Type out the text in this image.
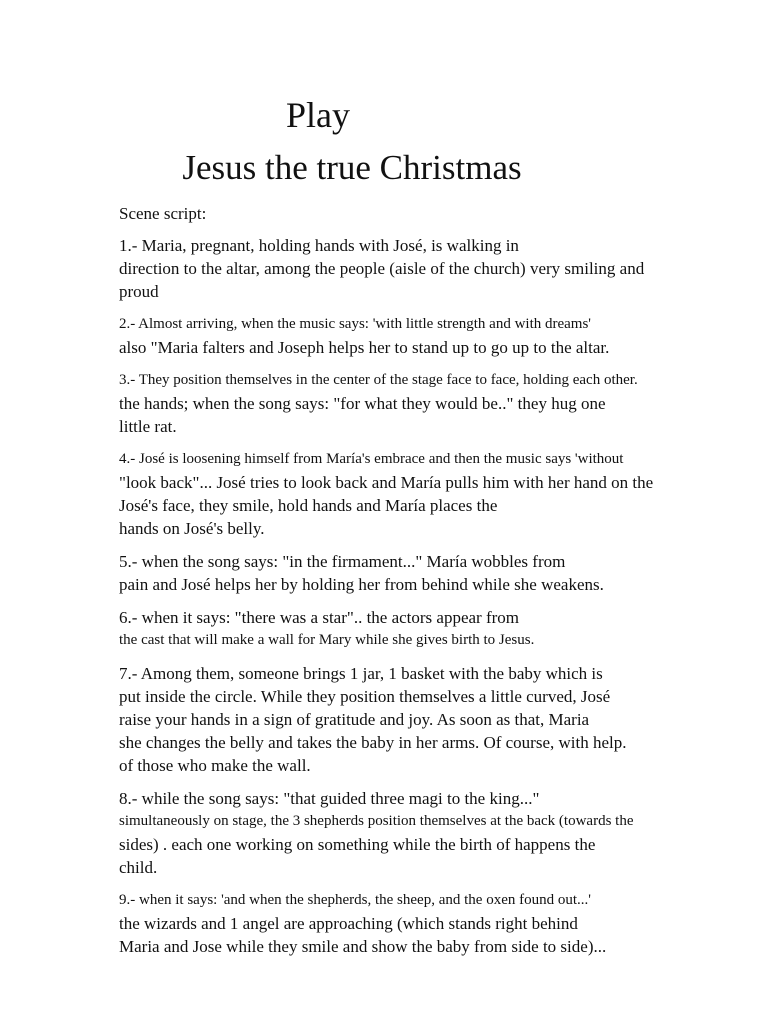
Play
Jesus the true Christmas

Scene script:

1.- Maria, pregnant, holding hands with José, is walking in
direction to the altar, among the people (aisle of the church) very smiling and
proud
2.- Almost arriving, when the music says: 'with little strength and with dreams'
also "Maria falters and Joseph helps her to stand up to go up to the altar.
3.- They position themselves in the center of the stage face to face, holding each other.
the hands; when the song says: "for what they would be.." they hug one
little rat.
4.- José is loosening himself from María's embrace and then the music says 'without
"look back"... José tries to look back and María pulls him with her hand on the
José's face, they smile, hold hands and María places the
hands on José's belly.
5.- when the song says: "in the firmament..." María wobbles from
pain and José helps her by holding her from behind while she weakens.
6.- when it says: "there was a star".. the actors appear from
the cast that will make a wall for Mary while she gives birth to Jesus.
7.- Among them, someone brings 1 jar, 1 basket with the baby which is
put inside the circle. While they position themselves a little curved, José
raise your hands in a sign of gratitude and joy. As soon as that, Maria
she changes the belly and takes the baby in her arms. Of course, with help.
of those who make the wall.
8.- while the song says: "that guided three magi to the king..."
simultaneously on stage, the 3 shepherds position themselves at the back (towards the
sides) . each one working on something while the birth of happens the
child.
9.- when it says: 'and when the shepherds, the sheep, and the oxen found out...'
the wizards and 1 angel are approaching (which stands right behind
Maria and Jose while they smile and show the baby from side to side)...
